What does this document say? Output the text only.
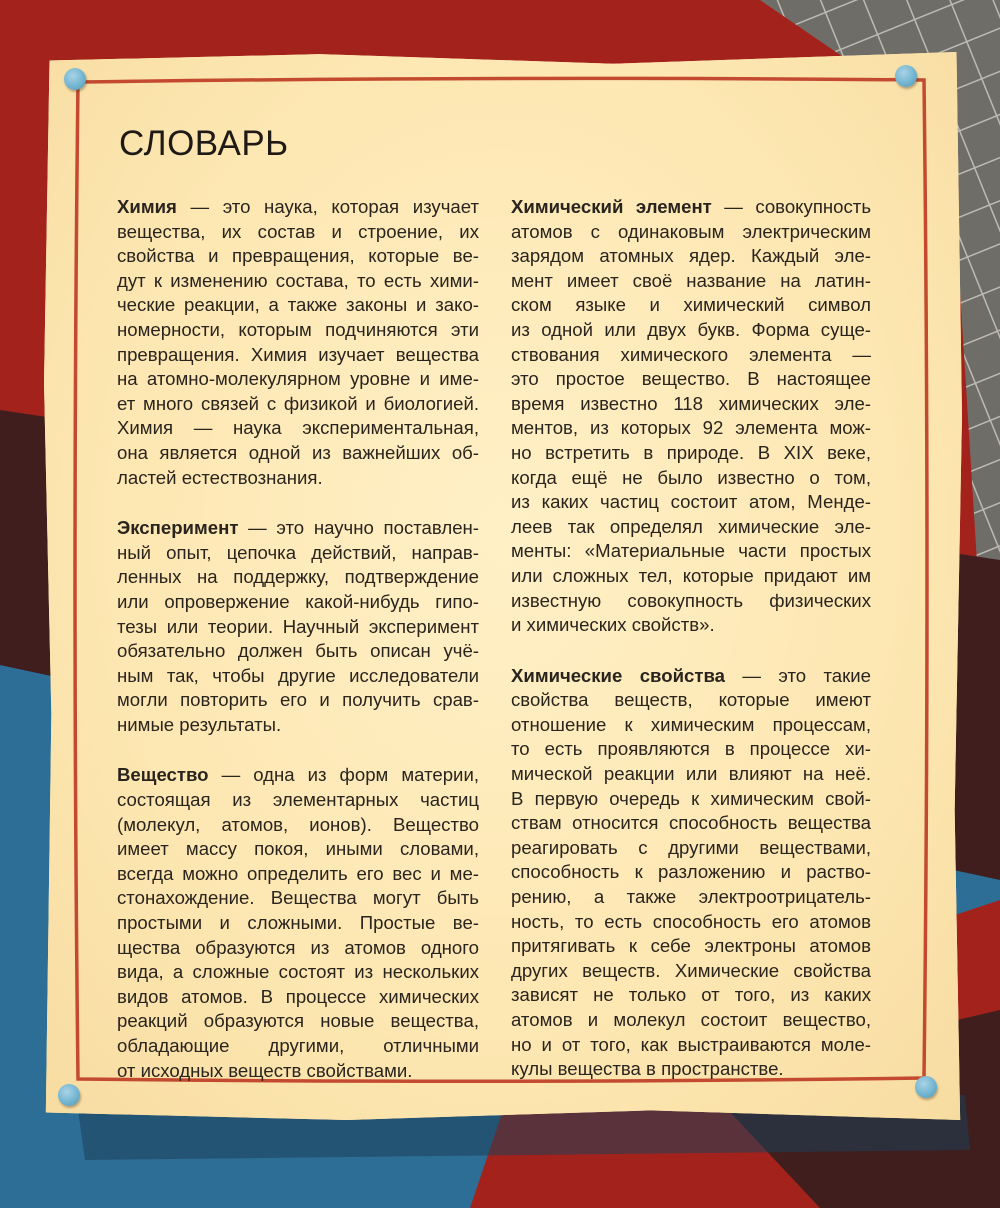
СЛОВАРЬ

Химия — это наука, которая изучает
вещества, их состав и строение, их
свойства и превращения, которые ве-
дут к изменению состава, то есть хими-
ческие реакции, а также законы и зако-
номерности, которым подчиняются эти
превращения. Химия изучает вещества
на атомно-молекулярном уровне и име-
ет много связей с физикой и биологией.
Химия — наука экспериментальная,
она является одной из важнейших об-
ластей естествознания.

Эксперимент — это научно поставлен-
ный опыт, цепочка действий, направ-
ленных на поддержку, подтверждение
или опровержение какой-нибудь гипо-
тезы или теории. Научный эксперимент
обязательно должен быть описан учё-
ным так, чтобы другие исследователи
могли повторить его и получить срав-
нимые результаты.

Вещество — одна из форм материи,
состоящая из элементарных частиц
(молекул, атомов, ионов). Вещество
имеет массу покоя, иными словами,
всегда можно определить его вес и ме-
стонахождение. Вещества могут быть
простыми и сложными. Простые ве-
щества образуются из атомов одного
вида, а сложные состоят из нескольких
видов атомов. В процессе химических
реакций образуются новые вещества,
обладающие другими, отличными
от исходных веществ свойствами.

Химический элемент — совокупность
атомов с одинаковым электрическим
зарядом атомных ядер. Каждый эле-
мент имеет своё название на латин-
ском языке и химический символ
из одной или двух букв. Форма суще-
ствования химического элемента —
это простое вещество. В настоящее
время известно 118 химических эле-
ментов, из которых 92 элемента мож-
но встретить в природе. В XIX веке,
когда ещё не было известно о том,
из каких частиц состоит атом, Менде-
леев так определял химические эле-
менты: «Материальные части простых
или сложных тел, которые придают им
известную совокупность физических
и химических свойств».

Химические свойства — это такие
свойства веществ, которые имеют
отношение к химическим процессам,
то есть проявляются в процессе хи-
мической реакции или влияют на неё.
В первую очередь к химическим свой-
ствам относится способность вещества
реагировать с другими веществами,
способность к разложению и раство-
рению, а также электроотрицатель-
ность, то есть способность его атомов
притягивать к себе электроны атомов
других веществ. Химические свойства
зависят не только от того, из каких
атомов и молекул состоит вещество,
но и от того, как выстраиваются моле-
кулы вещества в пространстве.
